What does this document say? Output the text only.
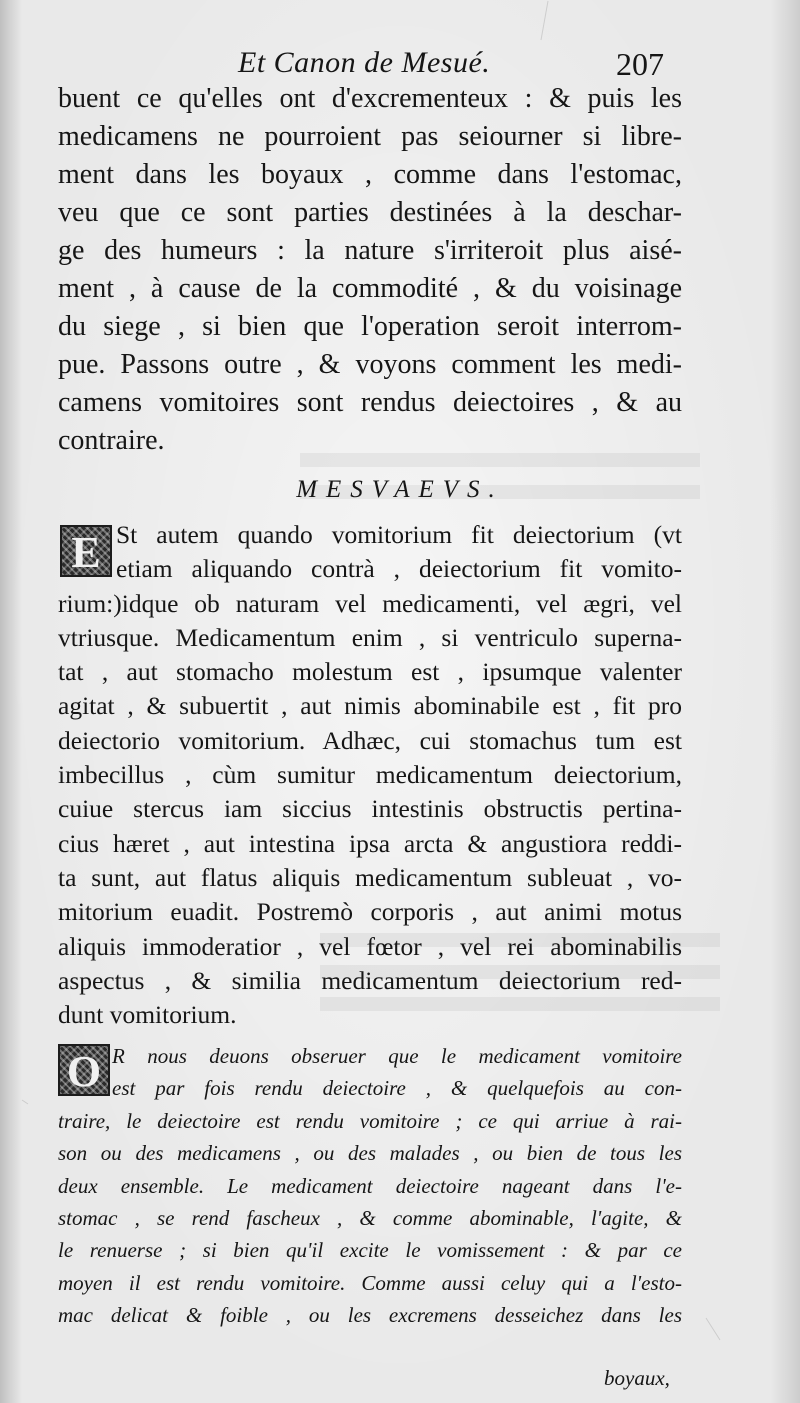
Et Canon de Mesué.	207
buent ce qu'elles ont d'excrementeux : & puis les
medicamens ne pourroient pas seiourner si libre-
ment dans les boyaux , comme dans l'estomac,
veu que ce sont parties destinées à la deschar-
ge des humeurs : la nature s'irriteroit plus aisé-
ment , à cause de la commodité , & du voisinage
du siege , si bien que l'operation seroit interrom-
pue. Passons outre , & voyons comment les medi-
camens vomitoires sont rendus deiectoires , & au
contraire.
MESVAEVS.
E St autem quando vomitorium fit deiectorium (vt
etiam aliquando contrà , deiectorium fit vomito-
rium:)idque ob naturam vel medicamenti, vel ægri, vel
vtriusque. Medicamentum enim , si ventriculo superna-
tat , aut stomacho molestum est , ipsumque valenter
agitat , & subuertit , aut nimis abominabile est , fit pro
deiectorio vomitorium. Adhæc, cui stomachus tum est
imbecillus , cùm sumitur medicamentum deiectorium,
cuiue stercus iam siccius intestinis obstructis pertina-
cius hæret , aut intestina ipsa arcta & angustiora reddi-
ta sunt, aut flatus aliquis medicamentum subleuat , vo-
mitorium euadit. Postremò corporis , aut animi motus
aliquis immoderatior , vel fœtor , vel rei abominabilis
aspectus , & similia medicamentum deiectorium red-
dunt vomitorium.
O R nous deuons obseruer que le medicament vomitoire
est par fois rendu deiectoire , & quelquefois au con-
traire, le deiectoire est rendu vomitoire ; ce qui arriue à rai-
son ou des medicamens , ou des malades , ou bien de tous les
deux ensemble. Le medicament deiectoire nageant dans l'e-
stomac , se rend fascheux , & comme abominable, l'agite, &
le renuerse ; si bien qu'il excite le vomissement : & par ce
moyen il est rendu vomitoire. Comme aussi celuy qui a l'esto-
mac delicat & foible , ou les excremens desseichez dans les
boyaux,
